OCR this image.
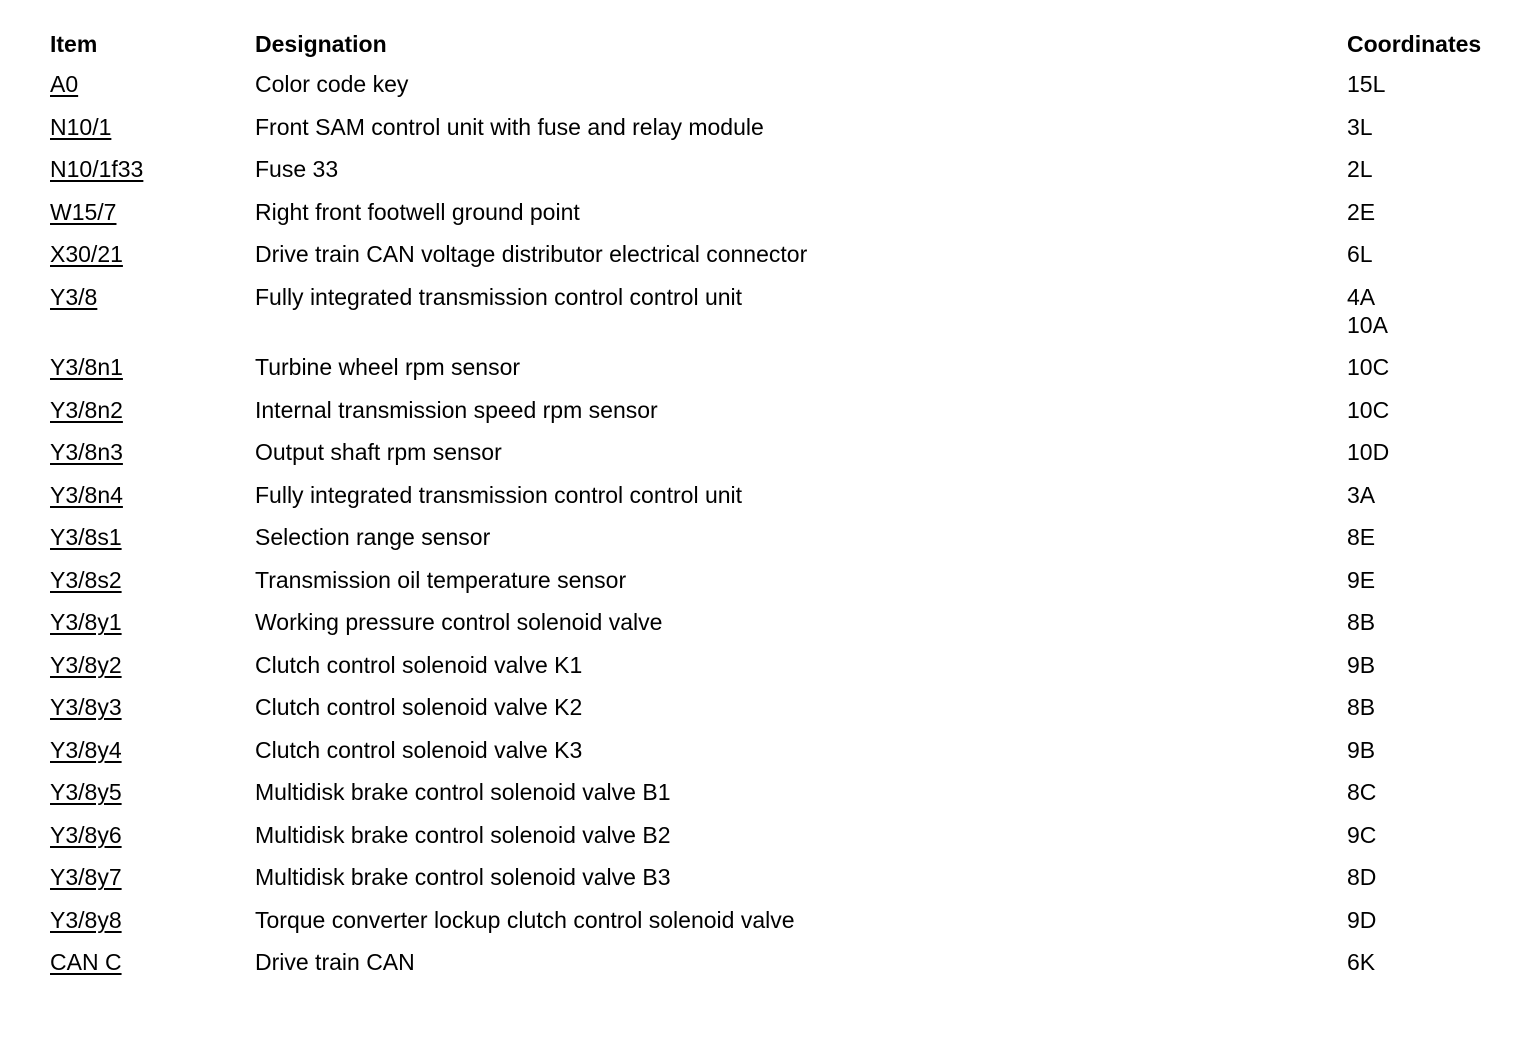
Item	Designation	Coordinates
A0	Color code key	15L
N10/1	Front SAM control unit with fuse and relay module	3L
N10/1f33	Fuse 33	2L
W15/7	Right front footwell ground point	2E
X30/21	Drive train CAN voltage distributor electrical connector	6L
Y3/8	Fully integrated transmission control control unit	4A
10A
Y3/8n1	Turbine wheel rpm sensor	10C
Y3/8n2	Internal transmission speed rpm sensor	10C
Y3/8n3	Output shaft rpm sensor	10D
Y3/8n4	Fully integrated transmission control control unit	3A
Y3/8s1	Selection range sensor	8E
Y3/8s2	Transmission oil temperature sensor	9E
Y3/8y1	Working pressure control solenoid valve	8B
Y3/8y2	Clutch control solenoid valve K1	9B
Y3/8y3	Clutch control solenoid valve K2	8B
Y3/8y4	Clutch control solenoid valve K3	9B
Y3/8y5	Multidisk brake control solenoid valve B1	8C
Y3/8y6	Multidisk brake control solenoid valve B2	9C
Y3/8y7	Multidisk brake control solenoid valve B3	8D
Y3/8y8	Torque converter lockup clutch control solenoid valve	9D
CAN C	Drive train CAN	6K
